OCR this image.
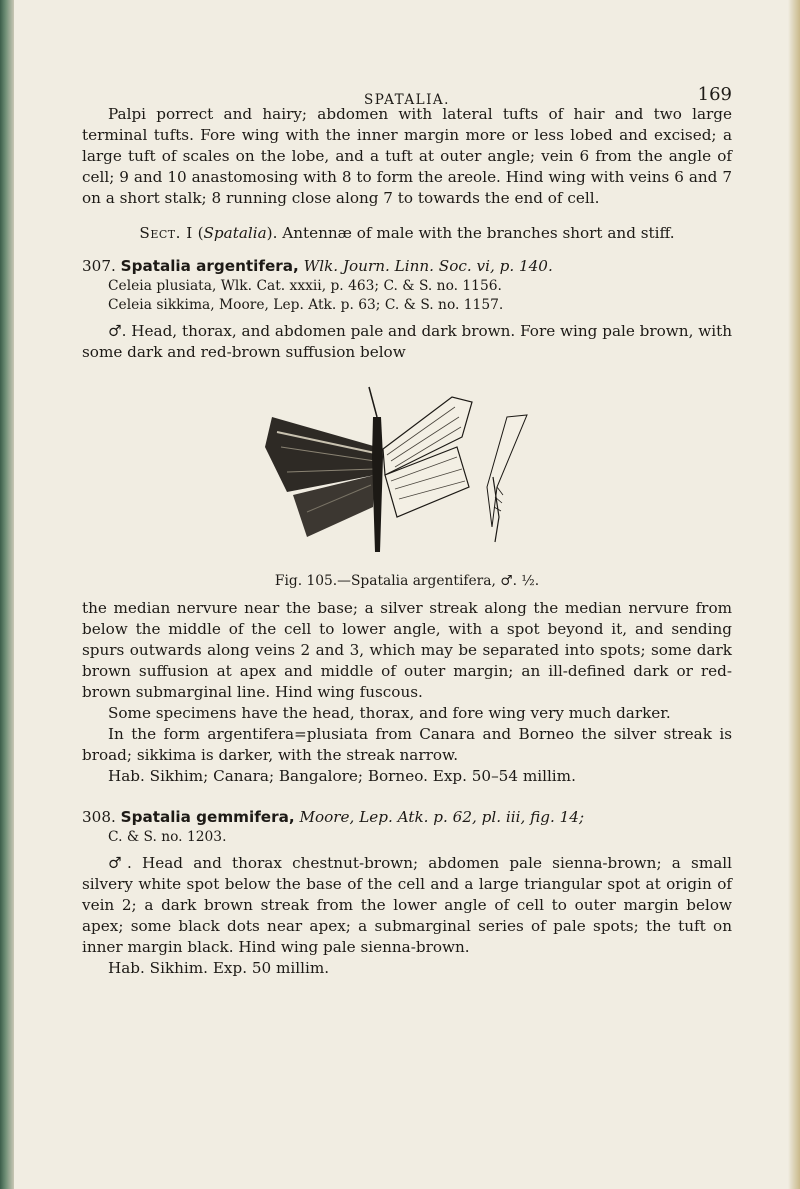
SPATALIA.	169

Palpi porrect and hairy; abdomen with lateral tufts of hair and two large terminal tufts. Fore wing with the inner margin more or less lobed and excised; a large tuft of scales on the lobe, and a tuft at outer angle; vein 6 from the angle of cell; 9 and 10 anastomosing with 8 to form the areole. Hind wing with veins 6 and 7 on a short stalk; 8 running close along 7 to towards the end of cell.

Sect. I (Spatalia). Antennæ of male with the branches short and stiff.

307. Spatalia argentifera, Wlk. Journ. Linn. Soc. vi, p. 140.

Celeia plusiata, Wlk. Cat. xxxii, p. 463; C. & S. no. 1156.

Celeia sikkima, Moore, Lep. Atk. p. 63; C. & S. no. 1157.

♂. Head, thorax, and abdomen pale and dark brown. Fore wing pale brown, with some dark and red-brown suffusion below

Fig. 105.—Spatalia argentifera, ♂. ½.

the median nervure near the base; a silver streak along the median nervure from below the middle of the cell to lower angle, with a spot beyond it, and sending spurs outwards along veins 2 and 3, which may be separated into spots; some dark brown suffusion at apex and middle of outer margin; an ill-defined dark or red-brown submarginal line. Hind wing fuscous.

Some specimens have the head, thorax, and fore wing very much darker.

In the form argentifera=plusiata from Canara and Borneo the silver streak is broad; sikkima is darker, with the streak narrow.

Hab. Sikhim; Canara; Bangalore; Borneo. Exp. 50–54 millim.

308. Spatalia gemmifera, Moore, Lep. Atk. p. 62, pl. iii, fig. 14;

C. & S. no. 1203.

♂. Head and thorax chestnut-brown; abdomen pale sienna-brown; a small silvery white spot below the base of the cell and a large triangular spot at origin of vein 2; a dark brown streak from the lower angle of cell to outer margin below apex; some black dots near apex; a submarginal series of pale spots; the tuft on inner margin black. Hind wing pale sienna-brown.

Hab. Sikhim. Exp. 50 millim.
